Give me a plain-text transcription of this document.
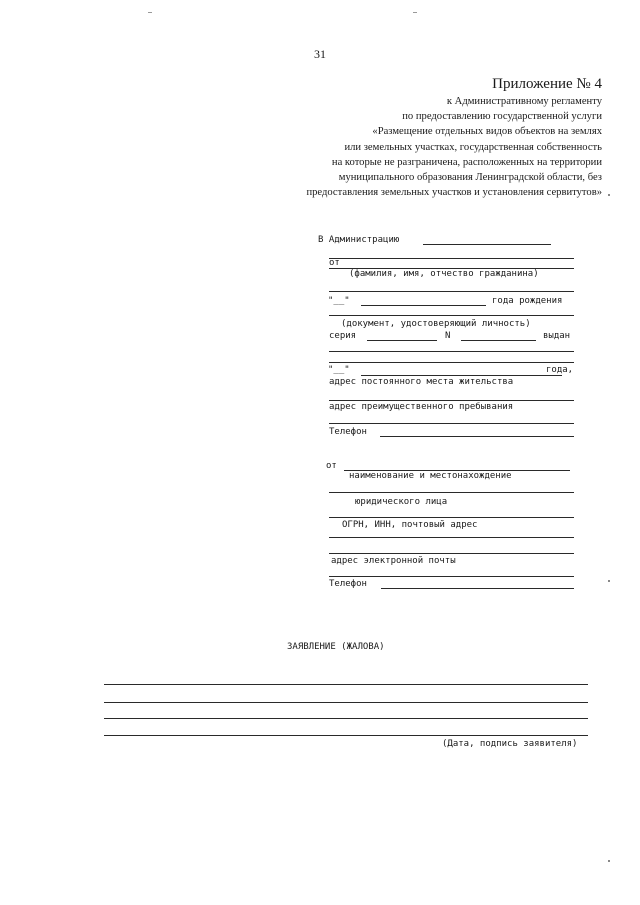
31
Приложение № 4
к Административному регламенту
по предоставлению государственной услуги
«Размещение отдельных видов объектов на землях
или земельных участках, государственная собственность
на которые не разграничена, расположенных на территории
муниципального образования Ленинградской области, без
предоставления земельных участков и установления сервитутов»
В Администрацию
от
(фамилия, имя, отчество гражданина)
"__"	года рождения
(документ, удостоверяющий личность)
серия	N	выдан
"__"	года,
адрес постоянного места жительства
адрес преимущественного пребывания
Телефон
от
наименование и местонахождение
юридического лица
ОГРН, ИНН, почтовый адрес
адрес электронной почты
Телефон
ЗАЯВЛЕНИЕ (ЖАЛОВА)
(Дата, подпись заявителя)
